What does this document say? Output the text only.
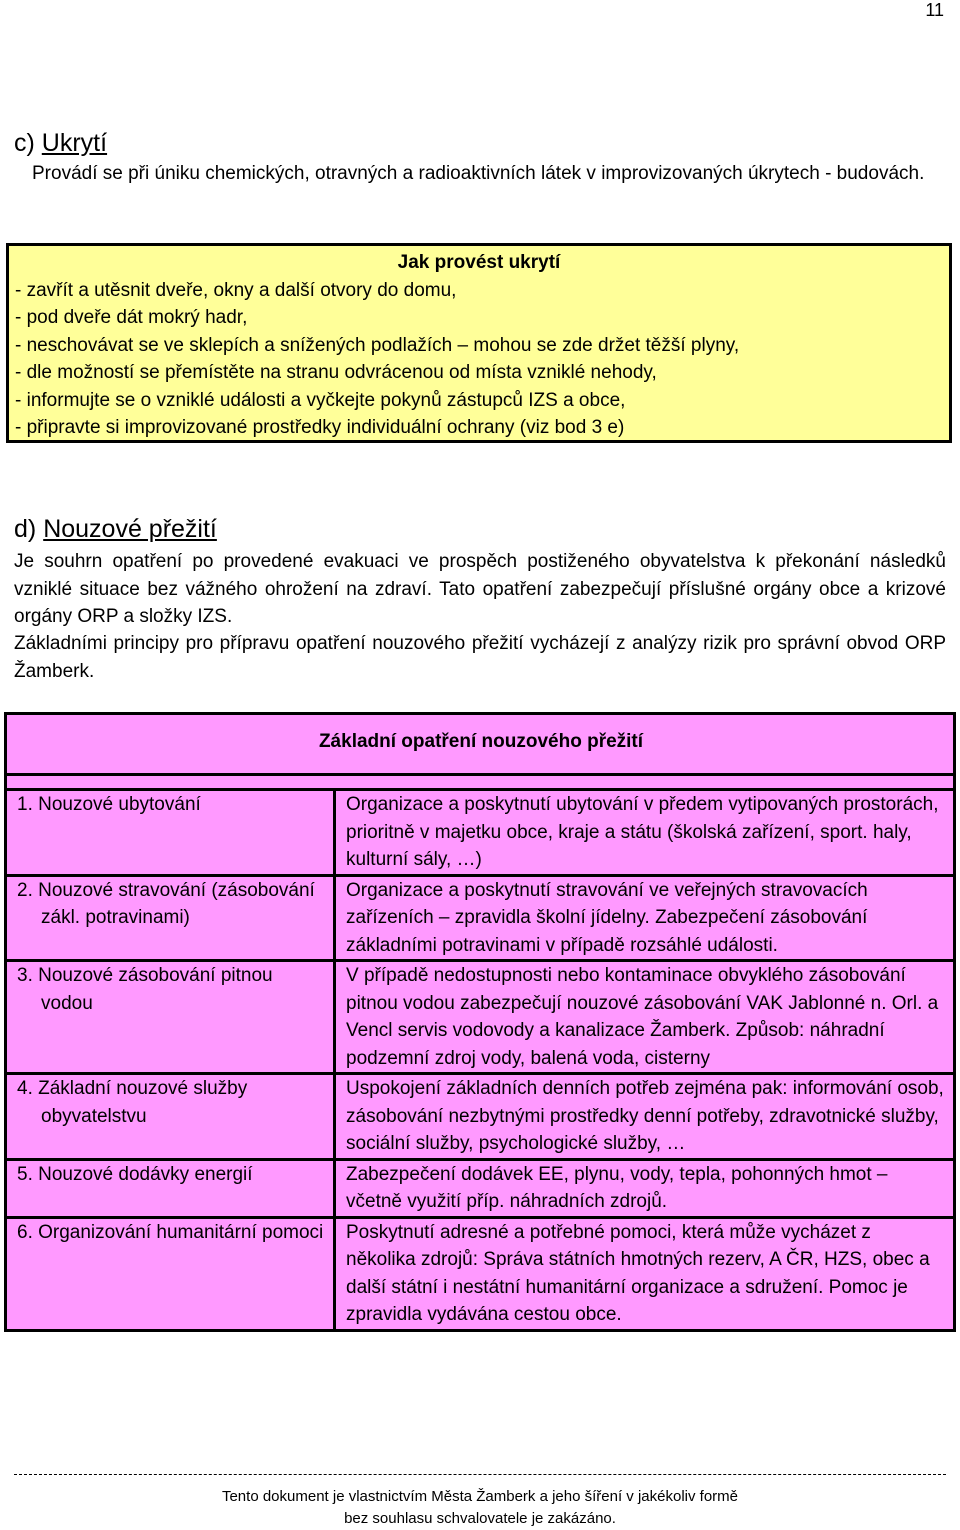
11
c) Ukrytí
Provádí se při úniku chemických, otravných a radioaktivních látek v improvizovaných úkrytech - budovách.
Jak provést ukrytí
- zavřít a utěsnit dveře, okny a další otvory do domu,
- pod dveře dát mokrý hadr,
- neschovávat se ve sklepích a snížených podlažích – mohou se zde držet těžší plyny,
- dle možností se přemístěte na stranu odvrácenou od místa vzniklé nehody,
- informujte se o vzniklé události a vyčkejte pokynů zástupců IZS a obce,
- připravte si improvizované prostředky individuální ochrany (viz bod 3 e)
d) Nouzové přežití
Je souhrn opatření po provedené evakuaci ve prospěch postiženého obyvatelstva k překonání následků vzniklé situace bez vážného ohrožení na zdraví. Tato opatření zabezpečují příslušné orgány obce a krizové orgány ORP a složky IZS.
Základními principy pro přípravu opatření nouzového přežití vycházejí z analýzy rizik pro správní obvod ORP Žamberk.
Základní opatření nouzového přežití	

1. Nouzové ubytování	Organizace a poskytnutí ubytování v předem vytipovaných prostorách, prioritně v majetku obce, kraje a státu (školská zařízení, sport. haly, kulturní sály, …)

2. Nouzové stravování (zásobování zákl. potravinami)	Organizace a poskytnutí stravování ve veřejných stravovacích zařízeních – zpravidla školní jídelny. Zabezpečení zásobování základními potravinami v případě rozsáhlé události.

3. Nouzové zásobování pitnou vodou	V případě nedostupnosti nebo kontaminace obvyklého zásobování pitnou vodou zabezpečují nouzové zásobování VAK Jablonné n. Orl. a Vencl servis vodovody a kanalizace Žamberk. Způsob: náhradní podzemní zdroj vody, balená voda, cisterny

4. Základní nouzové služby obyvatelstvu	Uspokojení základních denních potřeb zejména pak: informování osob, zásobování nezbytnými prostředky denní potřeby, zdravotnické služby, sociální služby, psychologické služby, …

5. Nouzové dodávky energií	Zabezpečení dodávek EE, plynu, vody, tepla, pohonných hmot – včetně využití příp. náhradních zdrojů.

6. Organizování humanitární pomoci	Poskytnutí adresné a potřebné pomoci, která může vycházet z několika zdrojů: Správa státních hmotných rezerv, A ČR, HZS, obec a další státní i nestátní humanitární organizace a sdružení. Pomoc je zpravidla vydávána cestou obce.
Tento dokument je vlastnictvím Města Žamberk a jeho šíření v jakékoliv formě
bez souhlasu schvalovatele je zakázáno.
